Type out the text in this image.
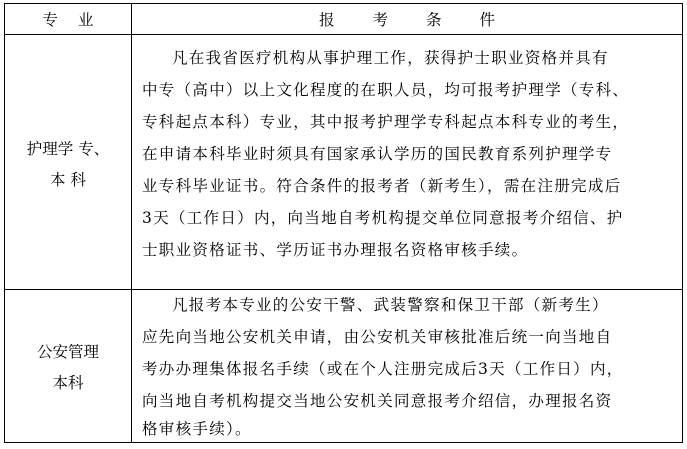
专业	报考条件
护理学 专、
本 科
凡在我省医疗机构从事护理工作，获得护士职业资格并具有
中专（高中）以上文化程度的在职人员，均可报考护理学（专科、
专科起点本科）专业，其中报考护理学专科起点本科专业的考生，
在申请本科毕业时须具有国家承认学历的国民教育系列护理学专
业专科毕业证书。符合条件的报考者（新考生），需在注册完成后
3天（工作日）内，向当地自考机构提交单位同意报考介绍信、护
士职业资格证书、学历证书办理报名资格审核手续。
公安管理
本科
凡报考本专业的公安干警、武装警察和保卫干部（新考生）
应先向当地公安机关申请，由公安机关审核批准后统一向当地自
考办办理集体报名手续（或在个人注册完成后3天（工作日）内，
向当地自考机构提交当地公安机关同意报考介绍信，办理报名资
格审核手续）。
